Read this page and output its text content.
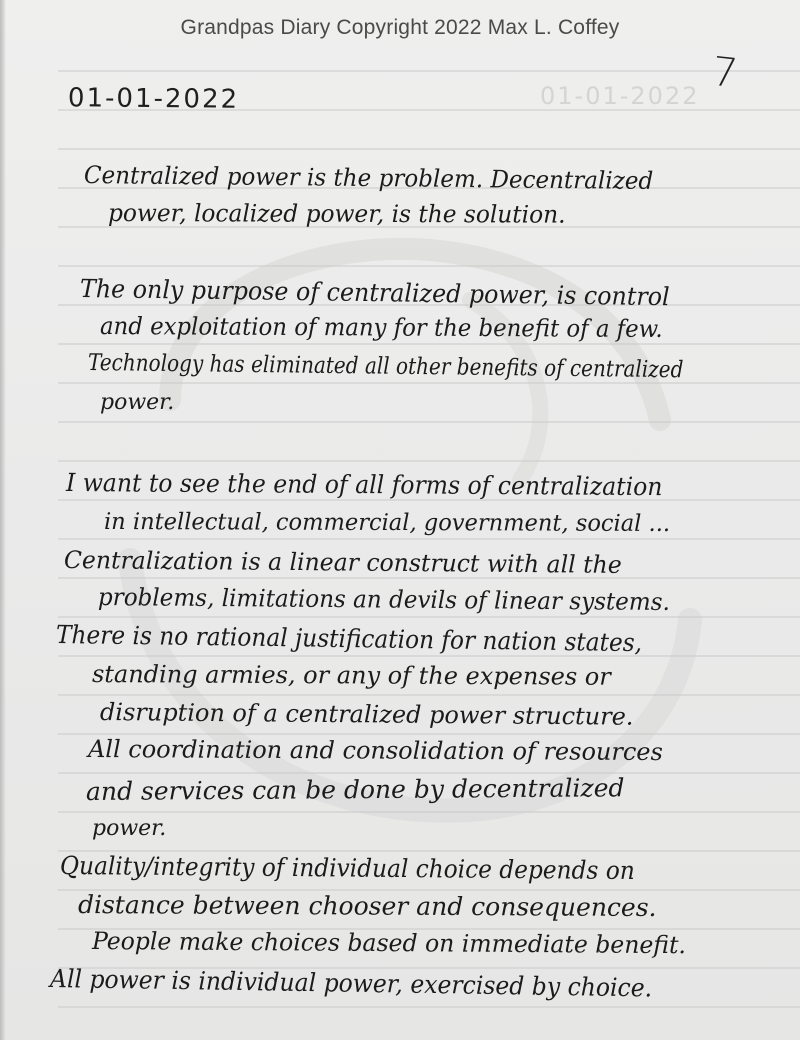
01-01-2022
Grandpas Diary Copyright 2022 Max L. Coffey
7
01-01-2022
Centralized power is the problem. Decentralized
power, localized power, is the solution.
The only purpose of centralized power, is control
and exploitation of many for the benefit of a few.
Technology has eliminated all other benefits of centralized
power.
I want to see the end of all forms of centralization
in intellectual, commercial, government, social ...
Centralization is a linear construct with all the
problems, limitations an devils of linear systems.
There is no rational justification for nation states,
standing armies, or any of the expenses or
disruption of a centralized power structure.
All coordination and consolidation of resources
and services can be done by decentralized
power.
Quality/integrity of individual choice depends on
distance between chooser and consequences.
People make choices based on immediate benefit.
All power is individual power, exercised by choice.
